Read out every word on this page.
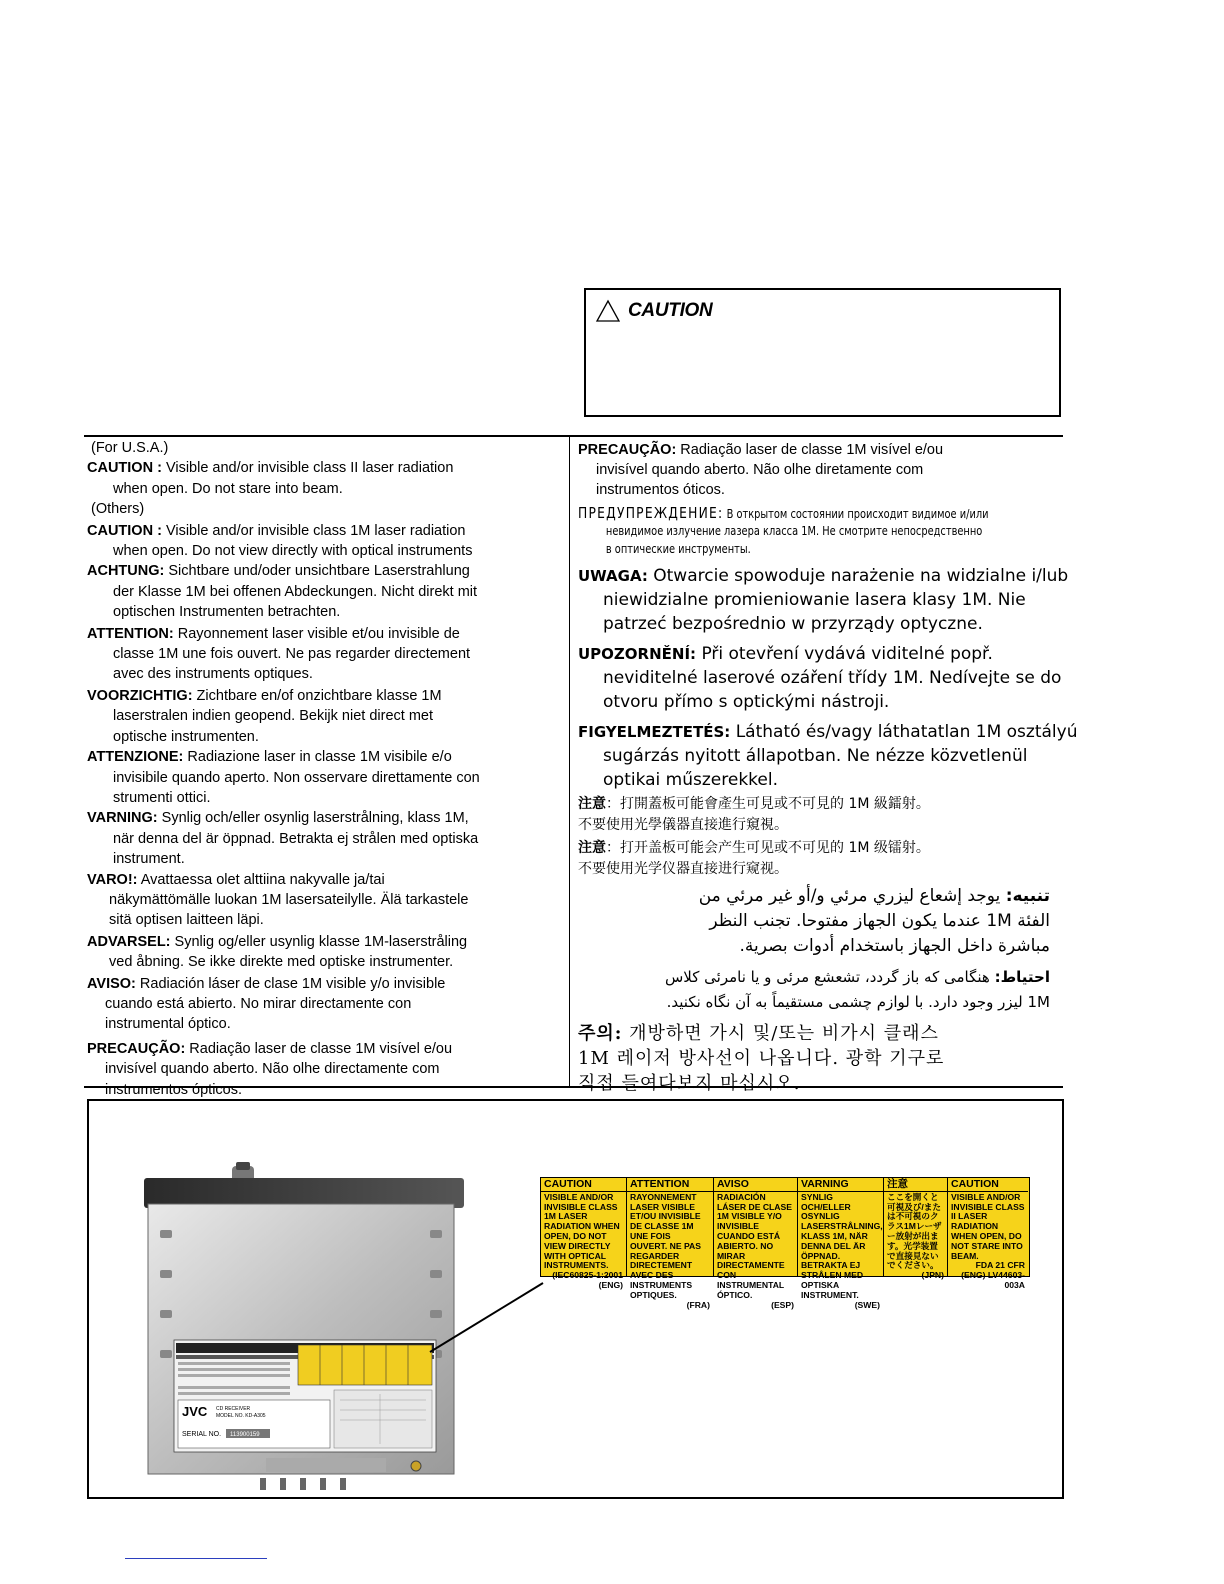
CAUTION
(For U.S.A.)
CAUTION : Visible and/or invisible class II laser radiation
when open. Do not stare into beam.
(Others)
CAUTION : Visible and/or invisible class 1M laser radiation
when open. Do not view directly with optical instruments
ACHTUNG: Sichtbare und/oder unsichtbare Laserstrahlung
der Klasse 1M bei offenen Abdeckungen. Nicht direkt mit
optischen Instrumenten betrachten.
ATTENTION: Rayonnement laser visible et/ou invisible de
classe 1M une fois ouvert. Ne pas regarder directement
avec des instruments optiques.
VOORZICHTIG: Zichtbare en/of onzichtbare klasse 1M
laserstralen indien geopend. Bekijk niet direct met
optische instrumenten.
ATTENZIONE: Radiazione laser in classe 1M visibile e/o
invisibile quando aperto. Non osservare direttamente con
strumenti ottici.
VARNING: Synlig och/eller osynlig laserstrålning, klass 1M,
när denna del är öppnad. Betrakta ej strålen med optiska
instrument.
VARO!: Avattaessa olet alttiina nakyvalle ja/tai
näkymättömälle luokan 1M lasersateilylle. Älä tarkastele
sitä optisen laitteen läpi.
ADVARSEL: Synlig og/eller usynlig klasse 1M-laserstråling
ved åbning. Se ikke direkte med optiske instrumenter.
AVISO: Radiación láser de clase 1M visible y/o invisible
cuando está abierto. No mirar directamente con
instrumental óptico.
PRECAUÇÃO: Radiação laser de classe 1M visível e/ou
invisível quando aberto. Não olhe directamente com
instrumentos ópticos.
PRECAUÇÃO: Radiação laser de classe 1M visível e/ou
invisível quando aberto. Não olhe diretamente com
instrumentos óticos.
ПРЕДУПРЕЖДЕНИЕ: В открытом состоянии происходит видимое и/или
невидимое излучение лазера класса 1М. Не смотрите непосредственно
в оптические инструменты.
UWAGA: Otwarcie spowoduje narażenie na widzialne i/lub
niewidzialne promieniowanie lasera klasy 1M. Nie
patrzeć bezpośrednio w przyrządy optyczne.
UPOZORNĚNÍ: Při otevření vydává viditelné popř.
neviditelné laserové ozáření třídy 1M. Nedívejte se do
otvoru přímo s optickými nástroji.
FIGYELMEZTETÉS: Látható és/vagy láthatatlan 1M osztályú
sugárzás nyitott állapotban. Ne nézze közvetlenül
optikai műszerekkel.
注意：打開蓋板可能會產生可見或不可見的 1M 級鐳射。
不要使用光學儀器直接進行窺視。
注意：打开盖板可能会产生可见或不可见的 1M 级镭射。
不要使用光学仪器直接进行窥视。
تنبيه: يوجد إشعاع ليزري مرئي و/أو غير مرئي من
الفئة 1M عندما يكون الجهاز مفتوحا. تجنب النظر
مباشرة داخل الجهاز باستخدام أدوات بصرية.
احتياط: هنگامی که باز گردد، تشعشع مرئی و یا نامرئی کلاس
1M لیزر وجود دارد. با لوازم چشمی مستقیماً به آن نگاه نکنید.
주의: 개방하면 가시 및/또는 비가시 클래스
1M 레이저 방사선이 나옵니다. 광학 기구로
직접 들여다보지 마십시오.
JVC CD RECEIVER
MODEL NO. KD-A305
SERIAL NO. 113900159
CAUTION
VISIBLE AND/OR INVISIBLE CLASS 1M LASER RADIATION WHEN OPEN, DO NOT VIEW DIRECTLY WITH OPTICAL INSTRUMENTS.
(IEC60825-1:2001 (ENG)
ATTENTION
RAYONNEMENT LASER VISIBLE ET/OU INVISIBLE DE CLASSE 1M UNE FOIS OUVERT. NE PAS REGARDER DIRECTEMENT AVEC DES INSTRUMENTS OPTIQUES.
(FRA)
AVISO
RADIACIÓN LÁSER DE CLASE 1M VISIBLE Y/O INVISIBLE CUANDO ESTÁ ABIERTO. NO MIRAR DIRECTAMENTE CON INSTRUMENTAL ÓPTICO.
(ESP)
VARNING
SYNLIG OCH/ELLER OSYNLIG LASERSTRÅLNING, KLASS 1M, NÄR DENNA DEL ÄR ÖPPNAD. BETRAKTA EJ STRÅLEN MED OPTISKA INSTRUMENT.
(SWE)
注意
ここを開くと可視及び/または不可視のクラス1Mレーザー放射が出ます。光学装置で直接見ないでください。
(JPN)
CAUTION
VISIBLE AND/OR INVISIBLE CLASS II LASER RADIATION WHEN OPEN, DO NOT STARE INTO BEAM.
FDA 21 CFR (ENG) LV44603-003A
